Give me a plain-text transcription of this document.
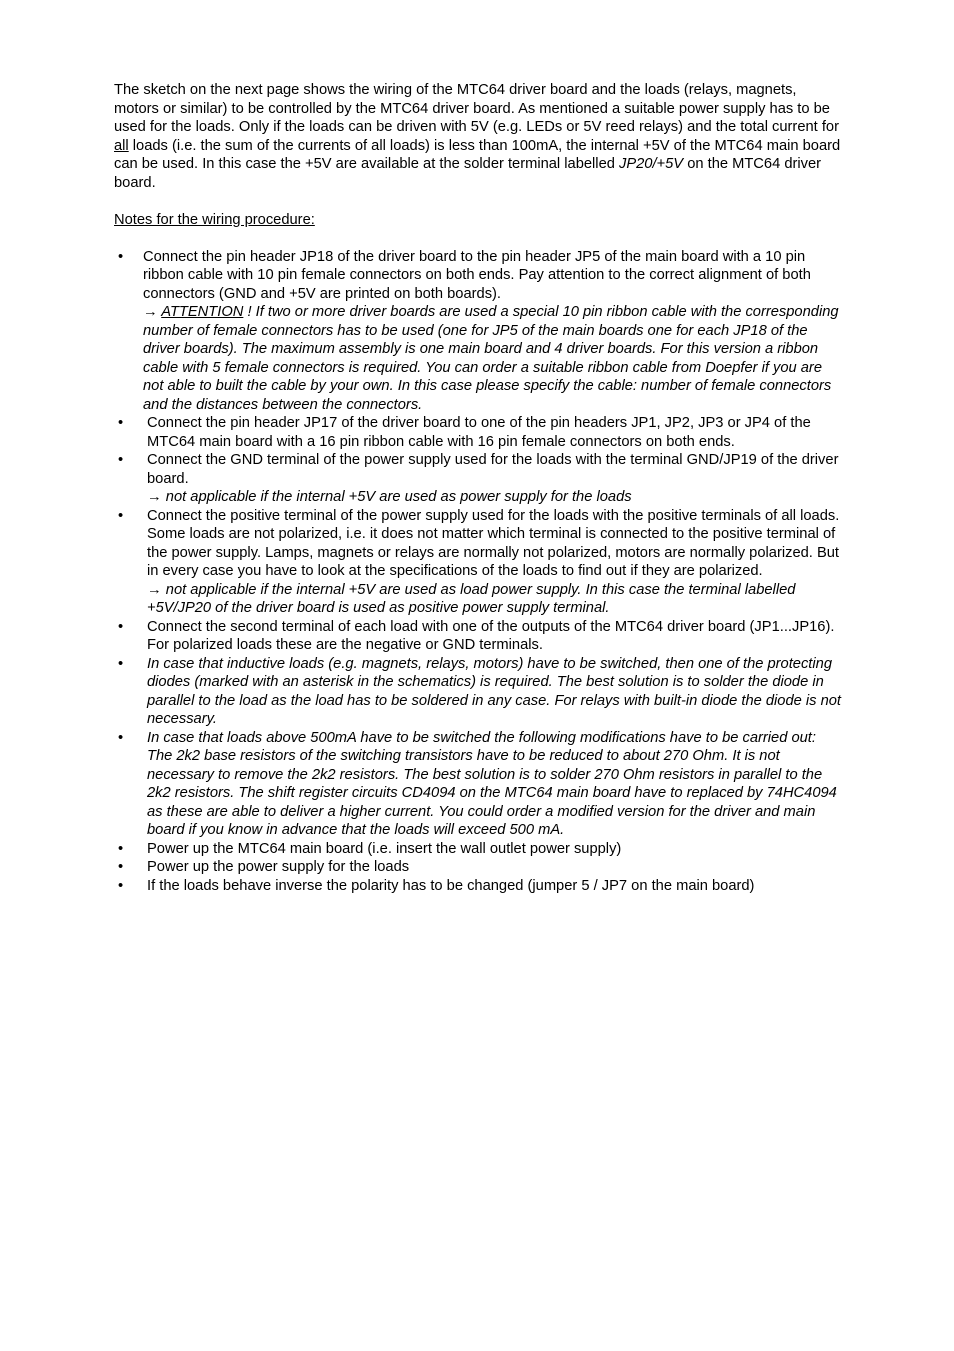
The sketch on the next page shows the wiring of the MTC64 driver board and the loads (relays, magnets, motors or similar) to be controlled by the MTC64 driver board. As mentioned a suitable power supply has to be used for the loads. Only if the loads can be driven with 5V (e.g. LEDs or 5V reed relays) and the total current for all loads (i.e. the sum of the currents of all loads) is less than 100mA, the internal +5V of the MTC64 main board can be used. In this case the +5V are available at the solder terminal labelled JP20/+5V on the MTC64 driver board.

Notes for the wiring procedure:

• Connect the pin header JP18 of the driver board to the pin header JP5 of the main board with a 10 pin ribbon cable with 10 pin female connectors on both ends. Pay attention to the correct alignment of both connectors (GND and +5V are printed on both boards).
→ ATTENTION ! If two or more driver boards are used a special 10 pin ribbon cable with the corresponding number of female connectors has to be used (one for JP5 of the main boards one for each JP18 of the driver boards). The maximum assembly is one main board and 4 driver boards. For this version a ribbon cable with 5 female connectors is required. You can order a suitable ribbon cable from Doepfer if you are not able to built the cable by your own. In this case please specify the cable: number of female connectors and the distances between the connectors.
• Connect the pin header JP17 of the driver board to one of the pin headers JP1, JP2, JP3 or JP4 of the MTC64 main board with a 16 pin ribbon cable with 16 pin female connectors on both ends.
• Connect the GND terminal of the power supply used for the loads with the terminal GND/JP19 of the driver board.
→ not applicable if the internal +5V are used as power supply for the loads
• Connect the positive terminal of the power supply used for the loads with the positive terminals of all loads. Some loads are not polarized, i.e. it does not matter which terminal is connected to the positive terminal of the power supply. Lamps, magnets or relays are normally not polarized, motors are normally polarized. But in every case you have to look at the specifications of the loads to find out if they are polarized.
→ not applicable if the internal +5V are used as load power supply. In this case the terminal labelled +5V/JP20 of the driver board is used as positive power supply terminal.
• Connect the second terminal of each load with one of the outputs of the MTC64 driver board (JP1...JP16). For polarized loads these are the negative or GND terminals.
• In case that inductive loads (e.g. magnets, relays, motors) have to be switched, then one of the protecting diodes (marked with an asterisk in the schematics) is required. The best solution is to solder the diode in parallel to the load as the load has to be soldered in any case. For relays with built-in diode the diode is not necessary.
• In case that loads above 500mA have to be switched the following modifications have to be carried out: The 2k2 base resistors of the switching transistors have to be reduced to about 270 Ohm. It is not necessary to remove the 2k2 resistors. The best solution is to solder 270 Ohm resistors in parallel to the 2k2 resistors. The shift register circuits CD4094 on the MTC64 main board have to replaced by 74HC4094 as these are able to deliver a higher current. You could order a modified version for the driver and main board if you know in advance that the loads will exceed 500 mA.
• Power up the MTC64 main board (i.e. insert the wall outlet power supply)
• Power up the power supply for the loads
• If the loads behave inverse the polarity has to be changed (jumper 5 / JP7 on the main board)
